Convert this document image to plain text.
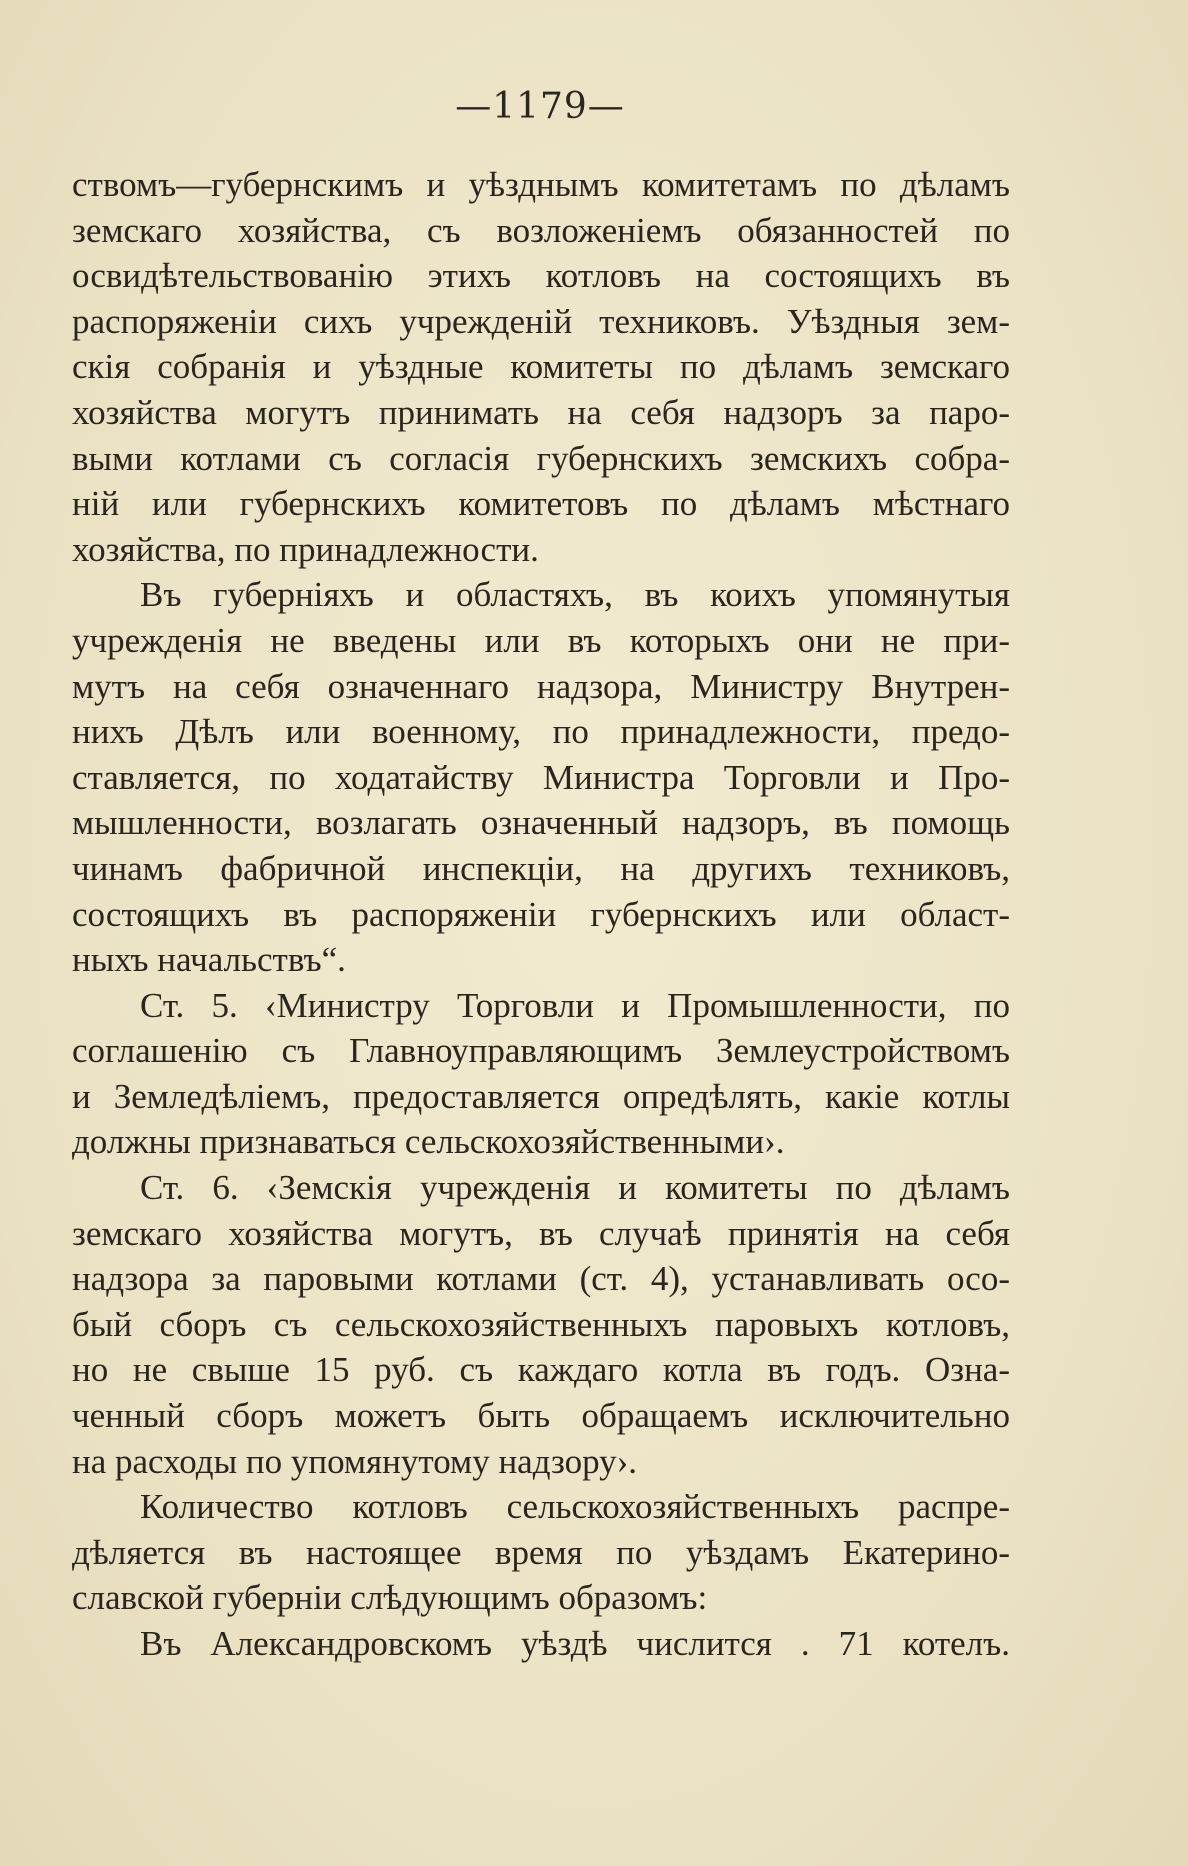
—1179—
ствомъ—губернскимъ и уѣзднымъ комитетамъ по дѣламъ
земскаго хозяйства, съ возложеніемъ обязанностей по
освидѣтельствованію этихъ котловъ на состоящихъ въ
распоряженіи сихъ учрежденій техниковъ. Уѣздныя зем-
скія собранія и уѣздные комитеты по дѣламъ земскаго
хозяйства могутъ принимать на себя надзоръ за паро-
выми котлами съ согласія губернскихъ земскихъ собра-
ній или губернскихъ комитетовъ по дѣламъ мѣстнаго
хозяйства, по принадлежности.
Въ губерніяхъ и областяхъ, въ коихъ упомянутыя
учрежденія не введены или въ которыхъ они не при-
мутъ на себя означеннаго надзора, Министру Внутрен-
нихъ Дѣлъ или военному, по принадлежности, предо-
ставляется, по ходатайству Министра Торговли и Про-
мышленности, возлагать означенный надзоръ, въ помощь
чинамъ фабричной инспекціи, на другихъ техниковъ,
состоящихъ въ распоряженіи губернскихъ или област-
ныхъ начальствъ“.
Ст. 5. ‹Министру Торговли и Промышленности, по
соглашенію съ Главноуправляющимъ Землеустройствомъ
и Земледѣліемъ, предоставляется опредѣлять, какіе котлы
должны признаваться сельскохозяйственными›.
Ст. 6. ‹Земскія учрежденія и комитеты по дѣламъ
земскаго хозяйства могутъ, въ случаѣ принятія на себя
надзора за паровыми котлами (ст. 4), устанавливать осо-
бый сборъ съ сельскохозяйственныхъ паровыхъ котловъ,
но не свыше 15 руб. съ каждаго котла въ годъ. Озна-
ченный сборъ можетъ быть обращаемъ исключительно
на расходы по упомянутому надзору›.
Количество котловъ сельскохозяйственныхъ распре-
дѣляется въ настоящее время по уѣздамъ Екатерино-
славской губерніи слѣдующимъ образомъ:
Въ Александровскомъ уѣздѣ числится . 71 котелъ.
